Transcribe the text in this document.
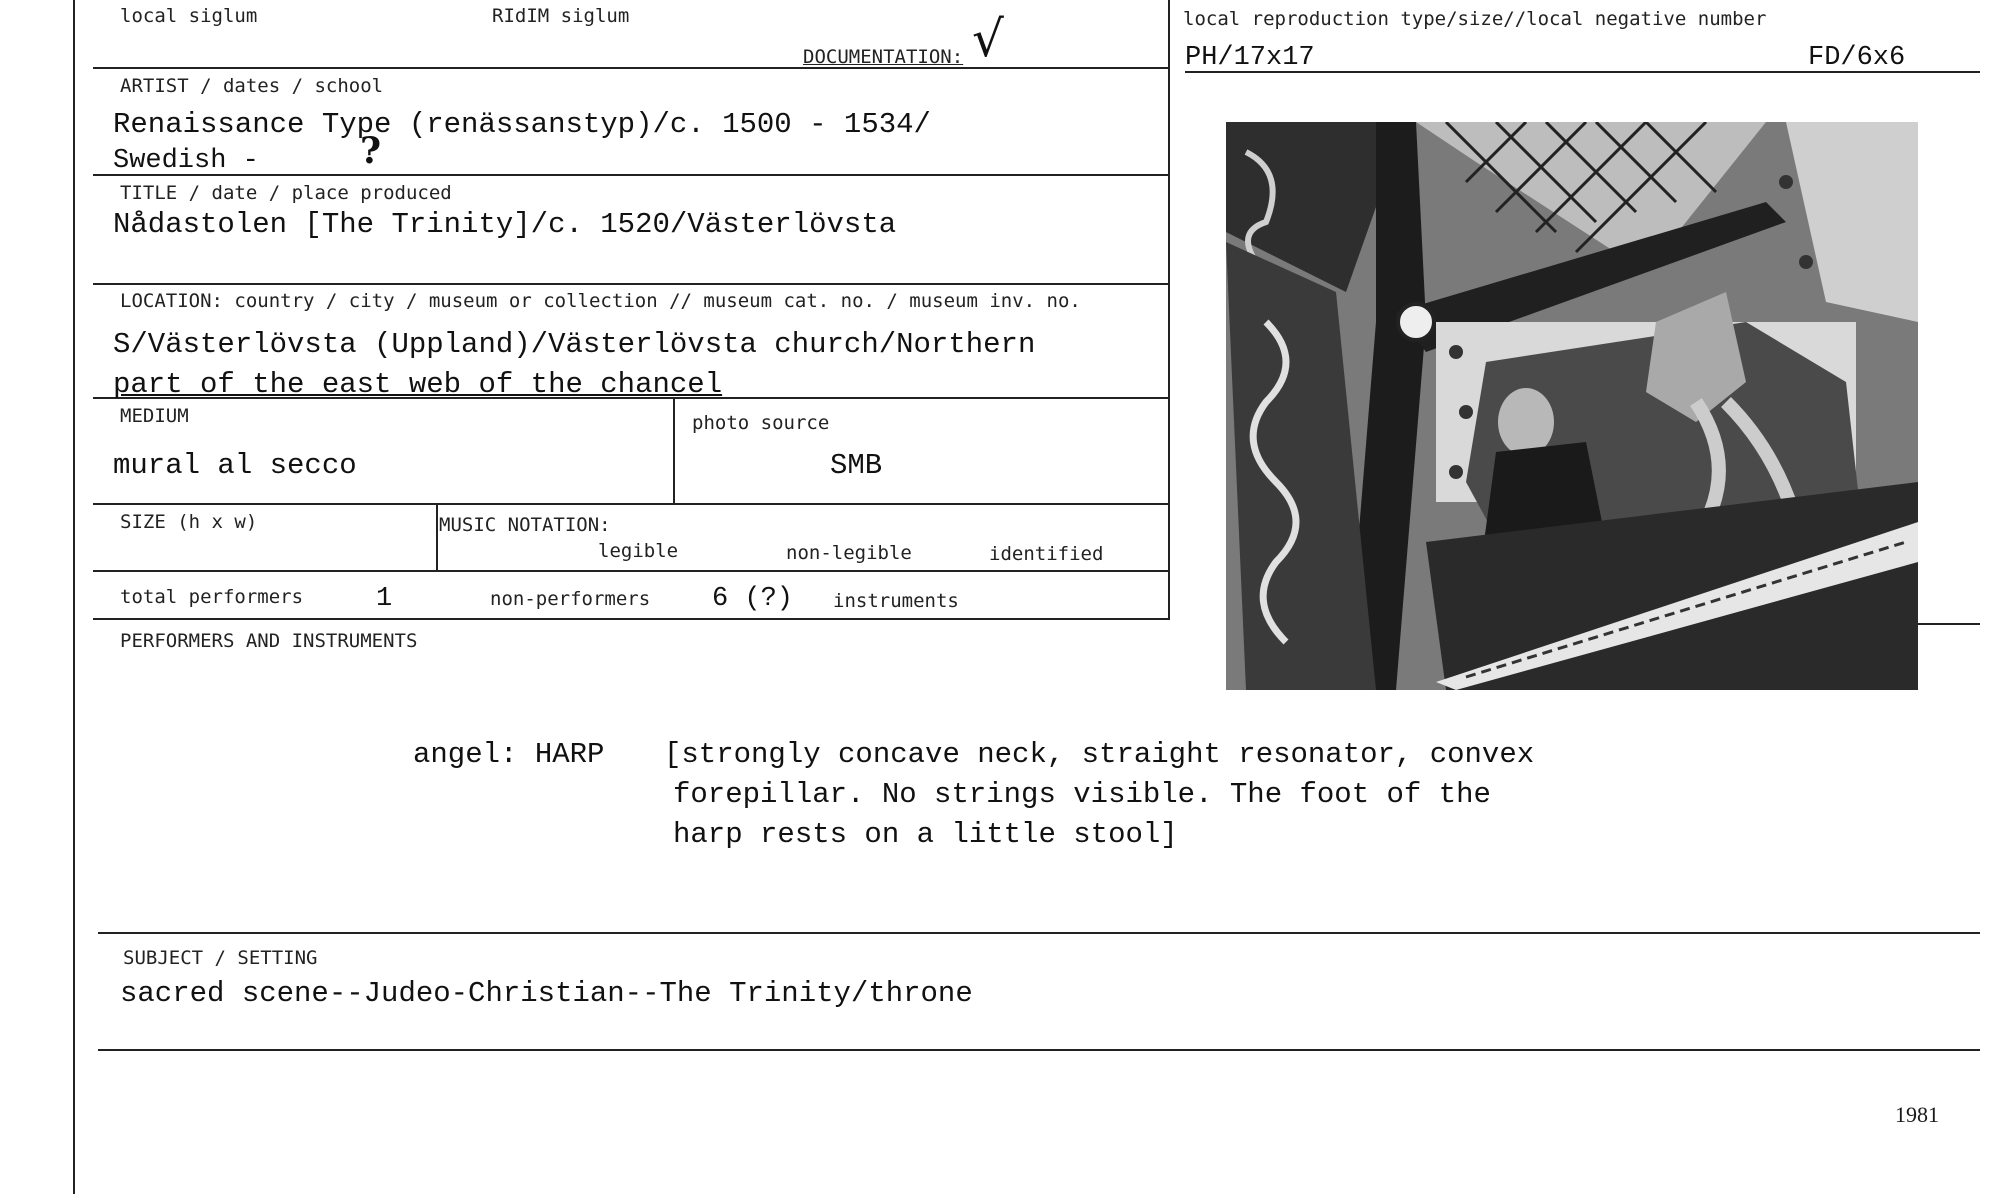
local siglum	RIdIM siglum
DOCUMENTATION: √	local reproduction type/size//local negative number
PH/17x17	FD/6x6
ARTIST / dates / school
Renaissance Type (renässanstyp)/c. 1500 - 1534/
Swedish -	?
TITLE / date / place produced
Nådastolen [The Trinity]/c. 1520/Västerlövsta
LOCATION: country / city / museum or collection // museum cat. no. / museum inv. no.
S/Västerlövsta (Uppland)/Västerlövsta church/Northern
part of the east web of the chancel
MEDIUM
mural al secco
photo source
SMB
SIZE (h x w)	MUSIC NOTATION:
legible	non-legible	identified
total performers	1	non-performers 6 (?) instruments
PERFORMERS AND INSTRUMENTS
angel: HARP [strongly concave neck, straight resonator, convex
forepillar. No strings visible. The foot of the
harp rests on a little stool]
SUBJECT / SETTING
sacred scene--Judeo-Christian--The Trinity/throne
1981
